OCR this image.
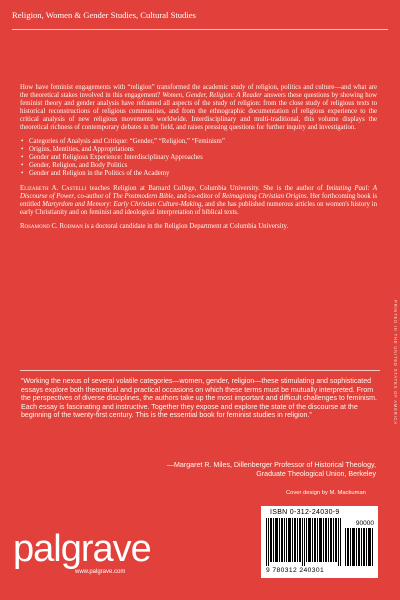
Religion, Women & Gender Studies, Cultural Studies

How have feminist engagements with “religion” transformed the academic study of religion, politics and culture—and what are the theoretical stakes involved in this engagement? Women, Gender, Religion: A Reader answers these questions by showing how feminist theory and gender analysis have reframed all aspects of the study of religion: from the close study of religious texts to historical reconstructions of religious communities, and from the ethnographic documentation of religious experience to the critical analysis of new religious movements worldwide. Interdisciplinary and multi-traditional, this volume displays the theoretical richness of contemporary debates in the field, and raises pressing questions for further inquiry and investigation.

• Categories of Analysis and Critique: “Gender,” “Religion,” “Feminism”
• Origins, Identities, and Appropriations
• Gender and Religious Experience: Interdisciplinary Approaches
• Gender, Religion, and Body Politics
• Gender and Religion in the Politics of the Academy

Elizabeth A. Castelli teaches Religion at Barnard College, Columbia University. She is the author of Imitating Paul: A Discourse of Power, co-author of The Postmodern Bible, and co-editor of Reimagining Christian Origins. Her forthcoming book is entitled Martyrdom and Memory: Early Christian Culture-Making, and she has published numerous articles on women's history in early Christianity and on feminist and ideological interpretation of biblical texts.

Rosamond C. Rodman is a doctoral candidate in the Religion Department at Columbia University.

“Working the nexus of several volatile categories—women, gender, religion—these stimulating and sophisticated essays explore both theoretical and practical occasions on which these terms must be mutually interpreted. From the perspectives of diverse disciplines, the authors take up the most important and difficult challenges to feminism. Each essay is fascinating and instructive. Together they expose and explore the state of the discourse at the beginning of the twenty-first century. This is the essential book for feminist studies in religion.”

—Margaret R. Miles, Dillenberger Professor of Historical Theology,
Graduate Theological Union, Berkeley
Cover design by M. Mackuman
PRINTED IN THE UNITED STATES OF AMERICA
palgrave
www.palgrave.com
ISBN 0-312-24030-9
90000
9 780312 240301
